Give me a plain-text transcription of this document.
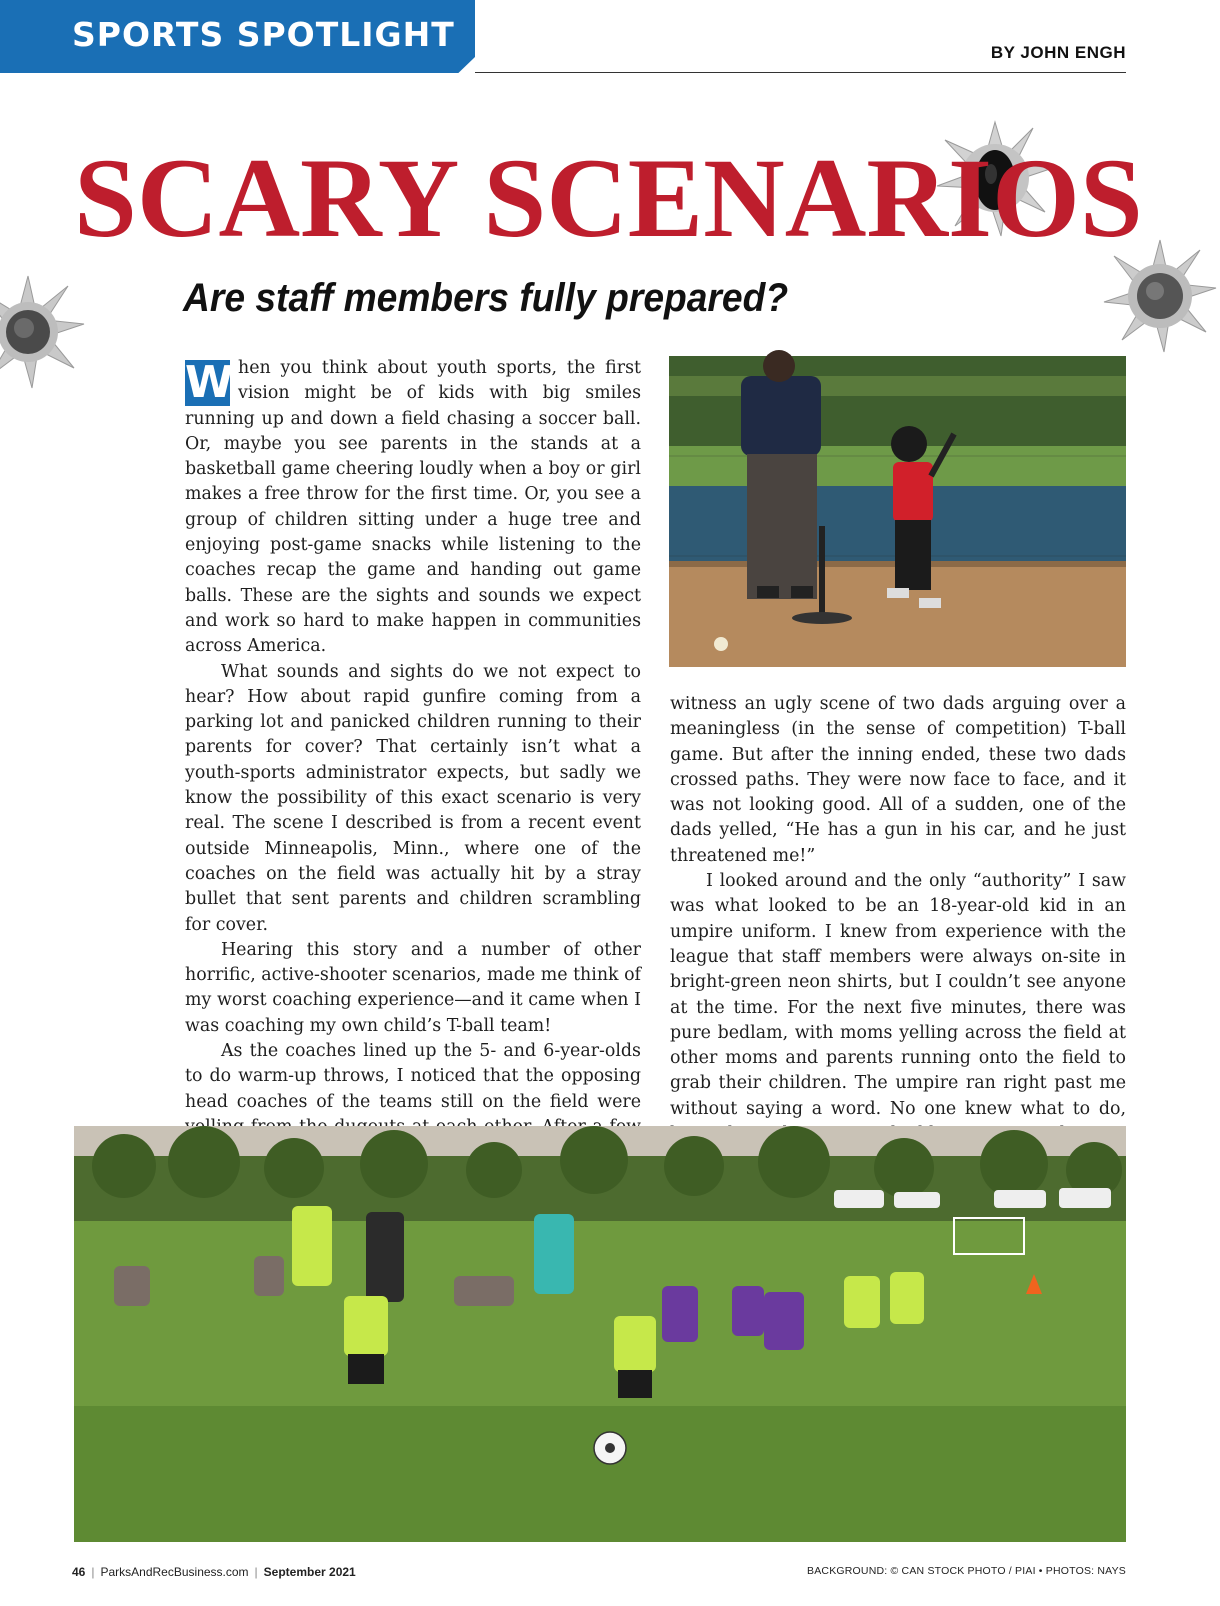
SPORTS SPOTLIGHT	BY JOHN ENGH
SCARY SCENARIOS
Are staff members fully prepared?

W hen you think about youth sports, the first vision might be of kids with big smiles running up and down a field chasing a soccer ball. Or, maybe you see parents in the stands at a basketball game cheering loudly when a boy or girl makes a free throw for the first time. Or, you see a group of children sitting under a huge tree and enjoying post-game snacks while listening to the coaches recap the game and handing out game balls. These are the sights and sounds we expect and work so hard to make happen in communities across America.

What sounds and sights do we not expect to hear? How about rapid gunfire coming from a parking lot and panicked children running to their parents for cover? That certainly isn’t what a youth-sports administrator expects, but sadly we know the possibility of this exact scenario is very real. The scene I described is from a recent event outside Minneapolis, Minn., where one of the coaches on the field was actually hit by a stray bullet that sent parents and children scrambling for cover.

Hearing this story and a number of other horrific, active-shooter scenarios, made me think of my worst coaching experience—and it came when I was coaching my own child’s T-ball team!

As the coaches lined up the 5- and 6-year-olds to do warm-up throws, I noticed that the opposing head coaches of the teams still on the field were

witness an ugly scene of two dads arguing over a meaningless (in the sense of competition) T-ball game. But after the inning ended, these two dads crossed paths. They were now face to face, and it was not looking good. All of a sudden, one of the dads yelled, “He has a gun in his car, and he just threatened me!”

I looked around and the only “authority” I saw was what looked to be an 18-year-old kid in an umpire uniform. I knew from experience with the league that staff members were always on-site in bright-green neon shirts, but I couldn’t see anyone at the time. For the next five minutes, there was pure bedlam, with moms yelling across the field at other moms and parents running onto the field to grab their children. The umpire ran right past me without saying a word. No one knew what to do,

46 | ParksAndRecBusiness.com | September 2021	BACKGROUND: © CAN STOCK PHOTO / PIAI • PHOTOS: NAYS
